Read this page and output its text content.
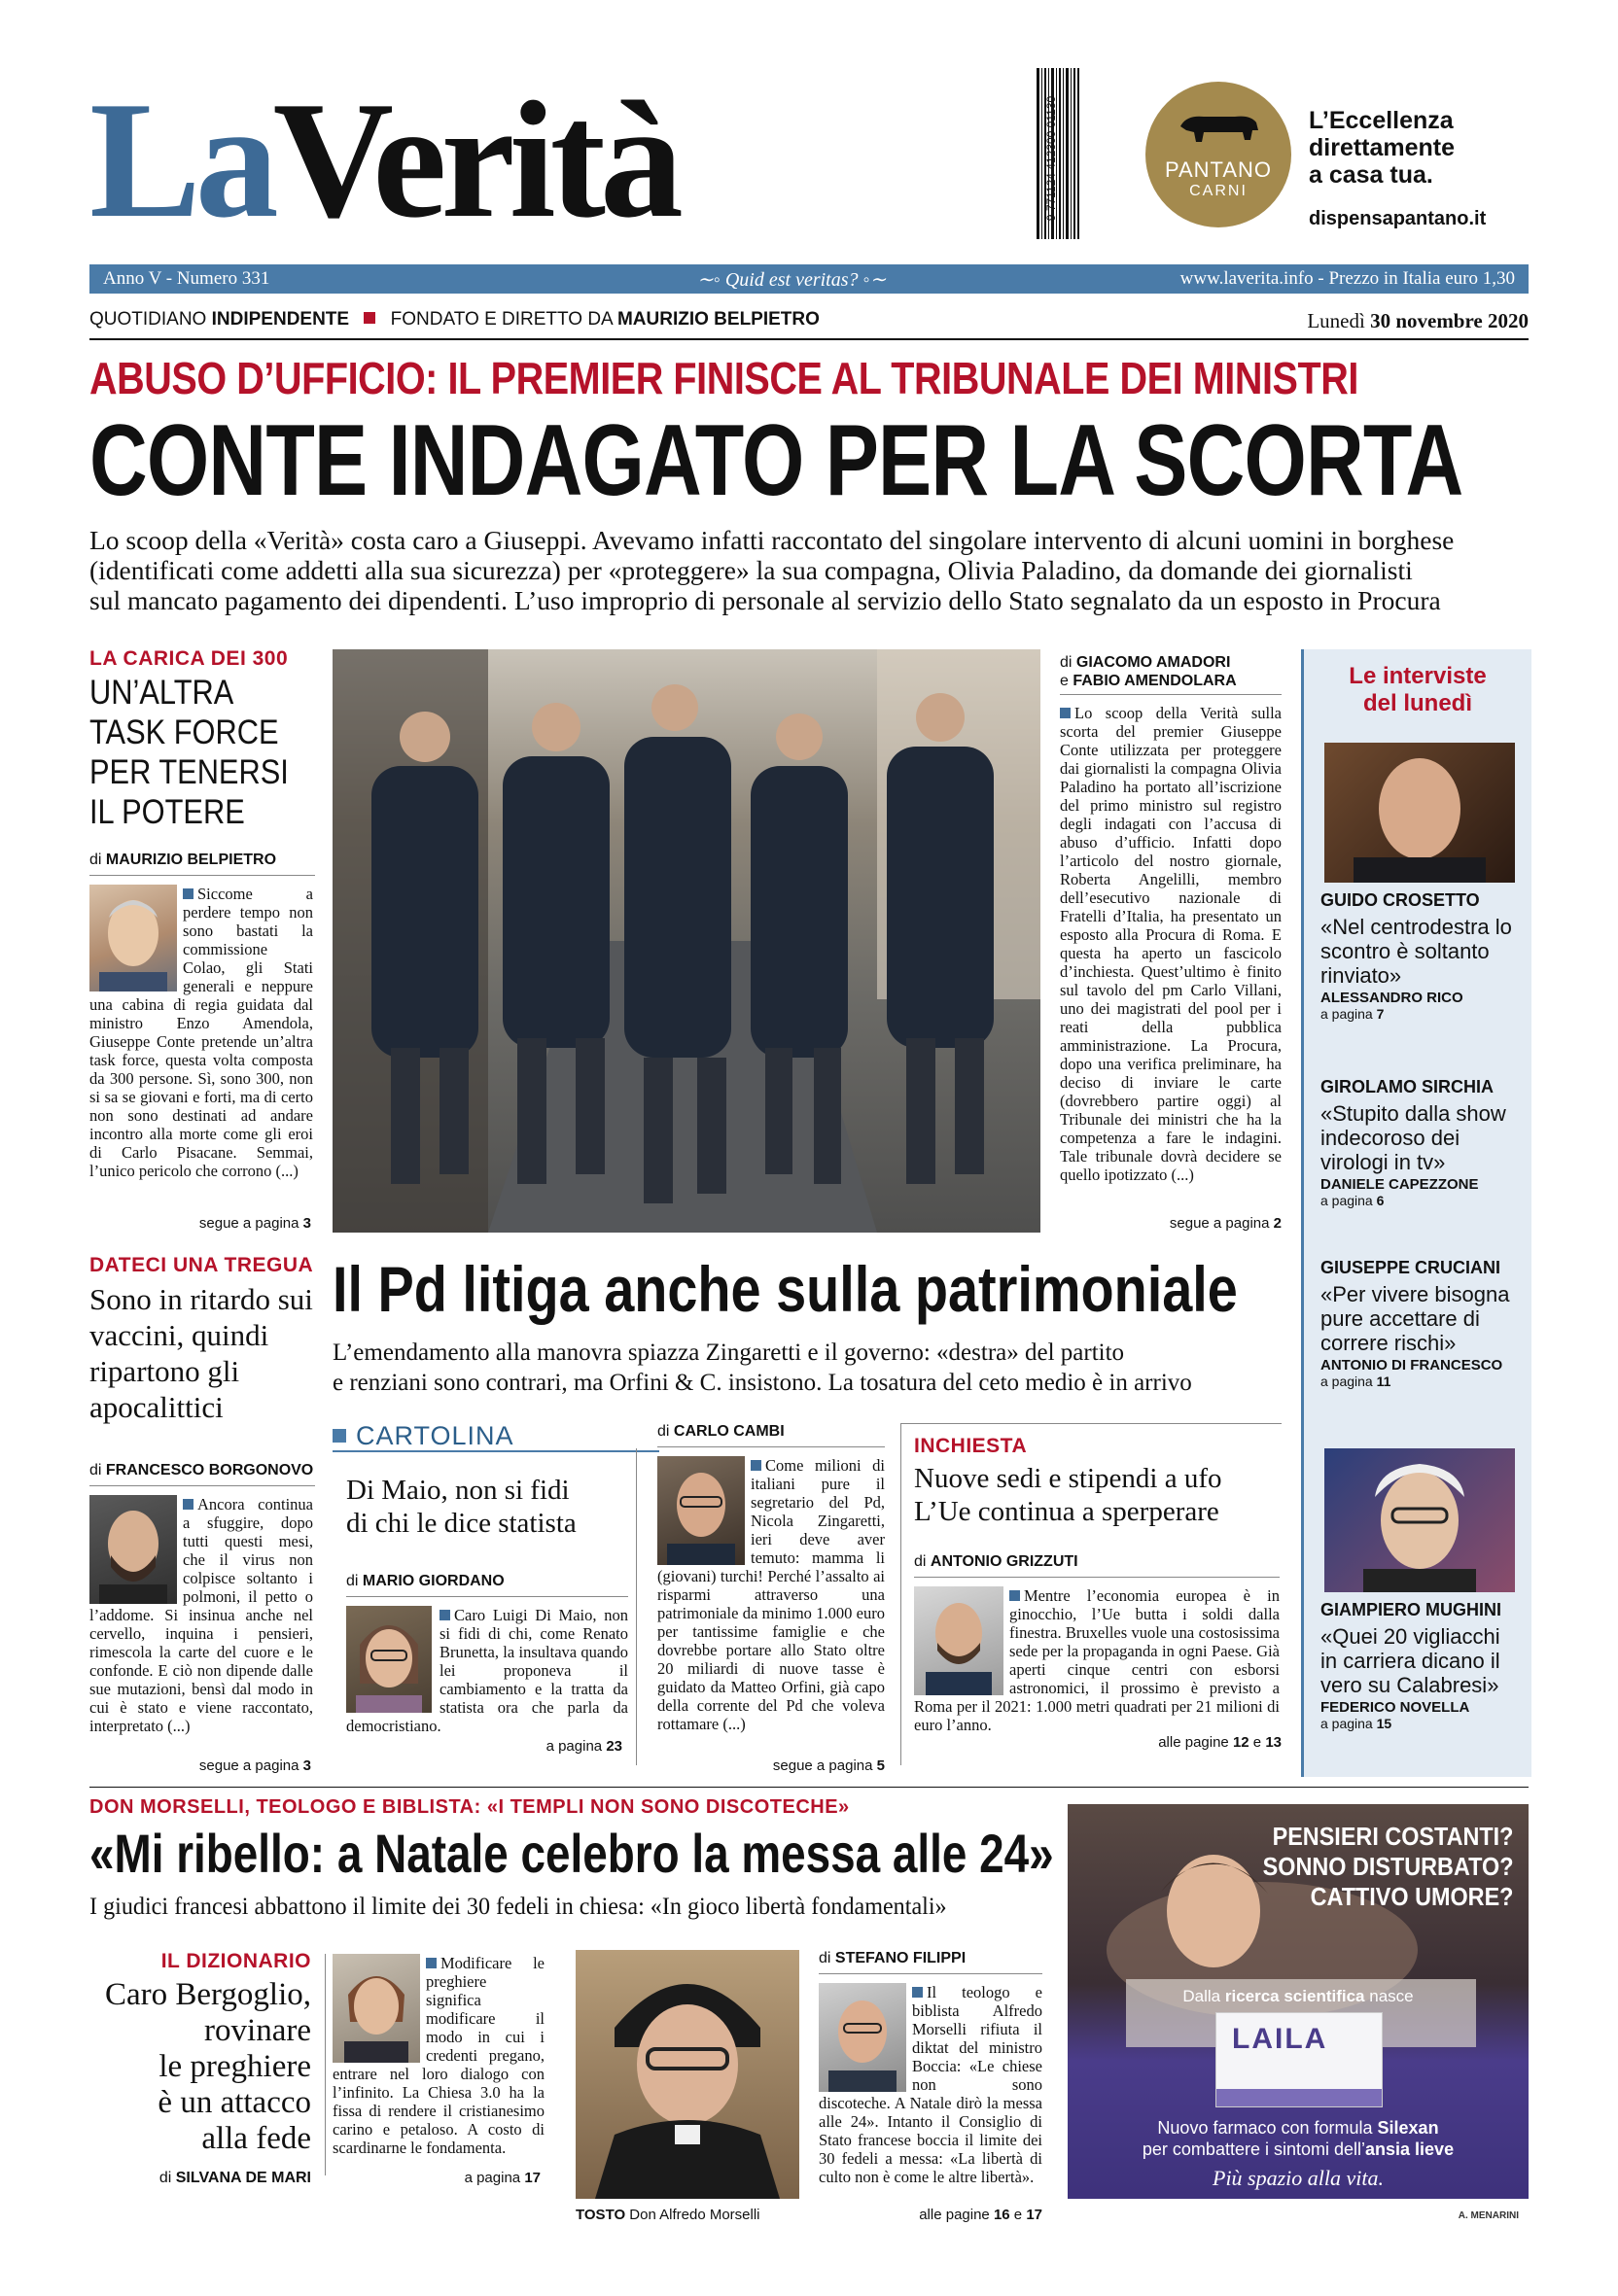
LaVerità	9 771124 412300 01130	PANTANO
CARNI
L’Eccellenza
direttamente
a casa tua.
dispensapantano.it
Anno V - Numero 331	∼◦ Quid est veritas? ◦∼	www.laverita.info - Prezzo in Italia euro 1,30
QUOTIDIANO INDIPENDENTE FONDATO E DIRETTO DA MAURIZIO BELPIETRO	Lunedì 30 novembre 2020
ABUSO D’UFFICIO: IL PREMIER FINISCE AL TRIBUNALE DEI MINISTRI
CONTE INDAGATO PER LA SCORTA
Lo scoop della «Verità» costa caro a Giuseppi. Avevamo infatti raccontato del singolare intervento di alcuni uomini in borghese
(identificati come addetti alla sua sicurezza) per «proteggere» la sua compagna, Olivia Paladino, da domande dei giornalisti
sul mancato pagamento dei dipendenti. L’uso improprio di personale al servizio dello Stato segnalato da un esposto in Procura
LA CARICA DEI 300
UN’ALTRA
TASK FORCE
PER TENERSI
IL POTERE
di MAURIZIO BELPIETRO
Siccome a perdere tempo non sono bastati la commissione Colao, gli Stati generali e neppure una cabina di regia guidata dal ministro Enzo Amendola, Giuseppe Conte pretende un’altra task force, questa volta composta da 300 persone. Sì, sono 300, non si sa se giovani e forti, ma di certo non sono destinati ad andare incontro alla morte come gli eroi di Carlo Pisacane. Semmai, l’unico pericolo che corrono (...)
segue a pagina 3
di GIACOMO AMADORI
e FABIO AMENDOLARA
Lo scoop della Verità sulla scorta del premier Giuseppe Conte utilizzata per proteggere dai giornalisti la compagna Olivia Paladino ha portato all’iscrizione del primo ministro sul registro degli indagati con l’accusa di abuso d’ufficio. Infatti dopo l’articolo del nostro giornale, Roberta Angelilli, membro dell’esecutivo nazionale di Fratelli d’Italia, ha presentato un esposto alla Procura di Roma. E questa ha aperto un fascicolo d’inchiesta. Quest’ultimo è finito sul tavolo del pm Carlo Villani, uno dei magistrati del pool per i reati della pubblica amministrazione. La Procura, dopo una verifica preliminare, ha deciso di inviare le carte (dovrebbero partire oggi) al Tribunale dei ministri che ha la competenza a fare le indagini. Tale tribunale dovrà decidere se quello ipotizzato (...)
segue a pagina 2
Le interviste
del lunedì
GUIDO CROSETTO
«Nel centrodestra lo scontro è soltanto rinviato»
ALESSANDRO RICO
a pagina 7
GIROLAMO SIRCHIA
«Stupito dalla show indecoroso dei virologi in tv»
DANIELE CAPEZZONE
a pagina 6
GIUSEPPE CRUCIANI
«Per vivere bisogna pure accettare di correre rischi»
ANTONIO DI FRANCESCO
a pagina 11
GIAMPIERO MUGHINI
«Quei 20 vigliacchi in carriera dicano il vero su Calabresi»
FEDERICO NOVELLA
a pagina 15
DATECI UNA TREGUA
Sono in ritardo sui vaccini, quindi ripartono gli apocalittici
di FRANCESCO BORGONOVO
Ancora continua a sfuggire, dopo tutti questi mesi, che il virus non colpisce soltanto i polmoni, il petto o l’addome. Si insinua anche nel cervello, inquina i pensieri, rimescola la carte del cuore e le confonde. E ciò non dipende dalle sue mutazioni, bensì dal modo in cui è stato e viene raccontato, interpretato (...)
segue a pagina 3
Il Pd litiga anche sulla patrimoniale
L’emendamento alla manovra spiazza Zingaretti e il governo: «destra» del partito
e renziani sono contrari, ma Orfini & C. insistono. La tosatura del ceto medio è in arrivo
CARTOLINA
Di Maio, non si fidi
di chi le dice statista
di MARIO GIORDANO
Caro Luigi Di Maio, non si fidi di chi, come Renato Brunetta, la insultava quando lei proponeva il cambiamento e la tratta da statista ora che parla da democristiano.
a pagina 23
di CARLO CAMBI
Come milioni di italiani pure il segretario del Pd, Nicola Zingaretti, ieri deve aver temuto: mamma li (giovani) turchi! Perché l’assalto ai risparmi attraverso una patrimoniale da minimo 1.000 euro per tantissime famiglie e che dovrebbe portare allo Stato oltre 20 miliardi di nuove tasse è guidato da Matteo Orfini, già capo della corrente del Pd che voleva rottamare (...)
segue a pagina 5
INCHIESTA
Nuove sedi e stipendi a ufo
L’Ue continua a sperperare
di ANTONIO GRIZZUTI
Mentre l’economia europea è in ginocchio, l’Ue butta i soldi dalla finestra. Bruxelles vuole una costosissima sede per la propaganda in ogni Paese. Già aperti cinque centri con esborsi astronomici, il prossimo è previsto a Roma per il 2021: 1.000 metri quadrati per 21 milioni di euro l’anno.
alle pagine 12 e 13
DON MORSELLI, TEOLOGO E BIBLISTA: «I TEMPLI NON SONO DISCOTECHE»
«Mi ribello: a Natale celebro la messa alle 24»
I giudici francesi abbattono il limite dei 30 fedeli in chiesa: «In gioco libertà fondamentali»
IL DIZIONARIO
Caro Bergoglio,
rovinare
le preghiere
è un attacco
alla fede
di SILVANA DE MARI
Modificare le preghiere significa modificare il modo in cui i credenti pregano, entrare nel loro dialogo con l’infinito. La Chiesa 3.0 ha la fissa di rendere il cristianesimo carino e petaloso. A costo di scardinarne le fondamenta.
a pagina 17
TOSTO Don Alfredo Morselli
di STEFANO FILIPPI
Il teologo e biblista Alfredo Morselli rifiuta il diktat del ministro Boccia: «Le chiese non sono discoteche. A Natale dirò la messa alle 24». Intanto il Consiglio di Stato francese boccia il limite dei 30 fedeli a messa: «La libertà di culto non è come le altre libertà».
alle pagine 16 e 17
PENSIERI COSTANTI?
SONNO DISTURBATO?
CATTIVO UMORE?
Dalla ricerca scientifica nasce
LAILA
Nuovo farmaco con formula Silexan
per combattere i sintomi dell’ansia lieve
Più spazio alla vita.
A. MENARINI
